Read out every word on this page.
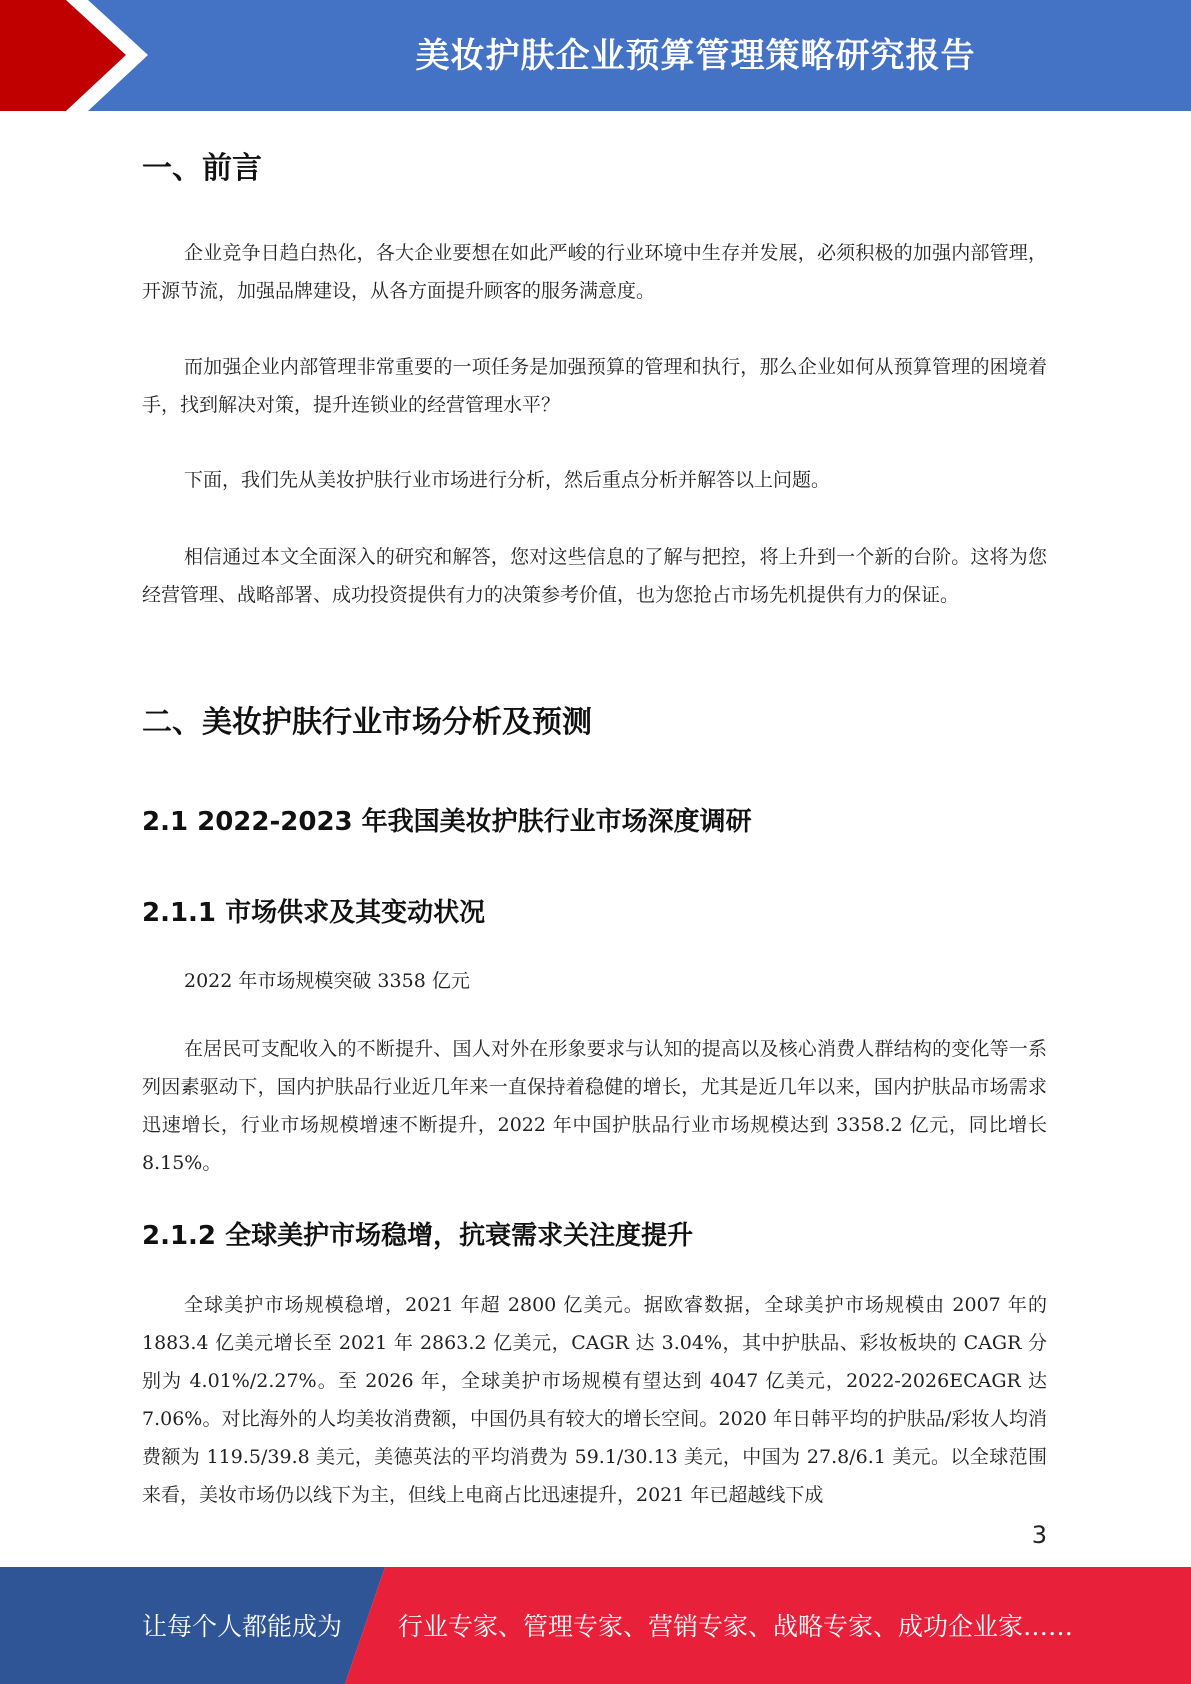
美妆护肤企业预算管理策略研究报告
一、前言

企业竞争日趋白热化，各大企业要想在如此严峻的行业环境中生存并发展，必须积极的加强内部管理，开源节流，加强品牌建设，从各方面提升顾客的服务满意度。

而加强企业内部管理非常重要的一项任务是加强预算的管理和执行，那么企业如何从预算管理的困境着手，找到解决对策，提升连锁业的经营管理水平？

下面，我们先从美妆护肤行业市场进行分析，然后重点分析并解答以上问题。

相信通过本文全面深入的研究和解答，您对这些信息的了解与把控，将上升到一个新的台阶。这将为您经营管理、战略部署、成功投资提供有力的决策参考价值，也为您抢占市场先机提供有力的保证。

二、美妆护肤行业市场分析及预测
2.1 2022-2023 年我国美妆护肤行业市场深度调研
2.1.1 市场供求及其变动状况

2022 年市场规模突破 3358 亿元

在居民可支配收入的不断提升、国人对外在形象要求与认知的提高以及核心消费人群结构的变化等一系列因素驱动下，国内护肤品行业近几年来一直保持着稳健的增长，尤其是近几年以来，国内护肤品市场需求迅速增长，行业市场规模增速不断提升，2022 年中国护肤品行业市场规模达到 3358.2 亿元，同比增长 8.15%。

2.1.2 全球美护市场稳增，抗衰需求关注度提升

全球美护市场规模稳增，2021 年超 2800 亿美元。据欧睿数据，全球美护市场规模由 2007 年的 1883.4 亿美元增长至 2021 年 2863.2 亿美元，CAGR 达 3.04%，其中护肤品、彩妆板块的 CAGR 分别为 4.01%/2.27%。至 2026 年，全球美护市场规模有望达到 4047 亿美元，2022-2026ECAGR 达 7.06%。对比海外的人均美妆消费额，中国仍具有较大的增长空间。2020 年日韩平均的护肤品/彩妆人均消费额为 119.5/39.8 美元，美德英法的平均消费为 59.1/30.13 美元，中国为 27.8/6.1 美元。以全球范围来看，美妆市场仍以线下为主，但线上电商占比迅速提升，2021 年已超越线下成

3
让每个人都能成为 行业专家、管理专家、营销专家、战略专家、成功企业家……
